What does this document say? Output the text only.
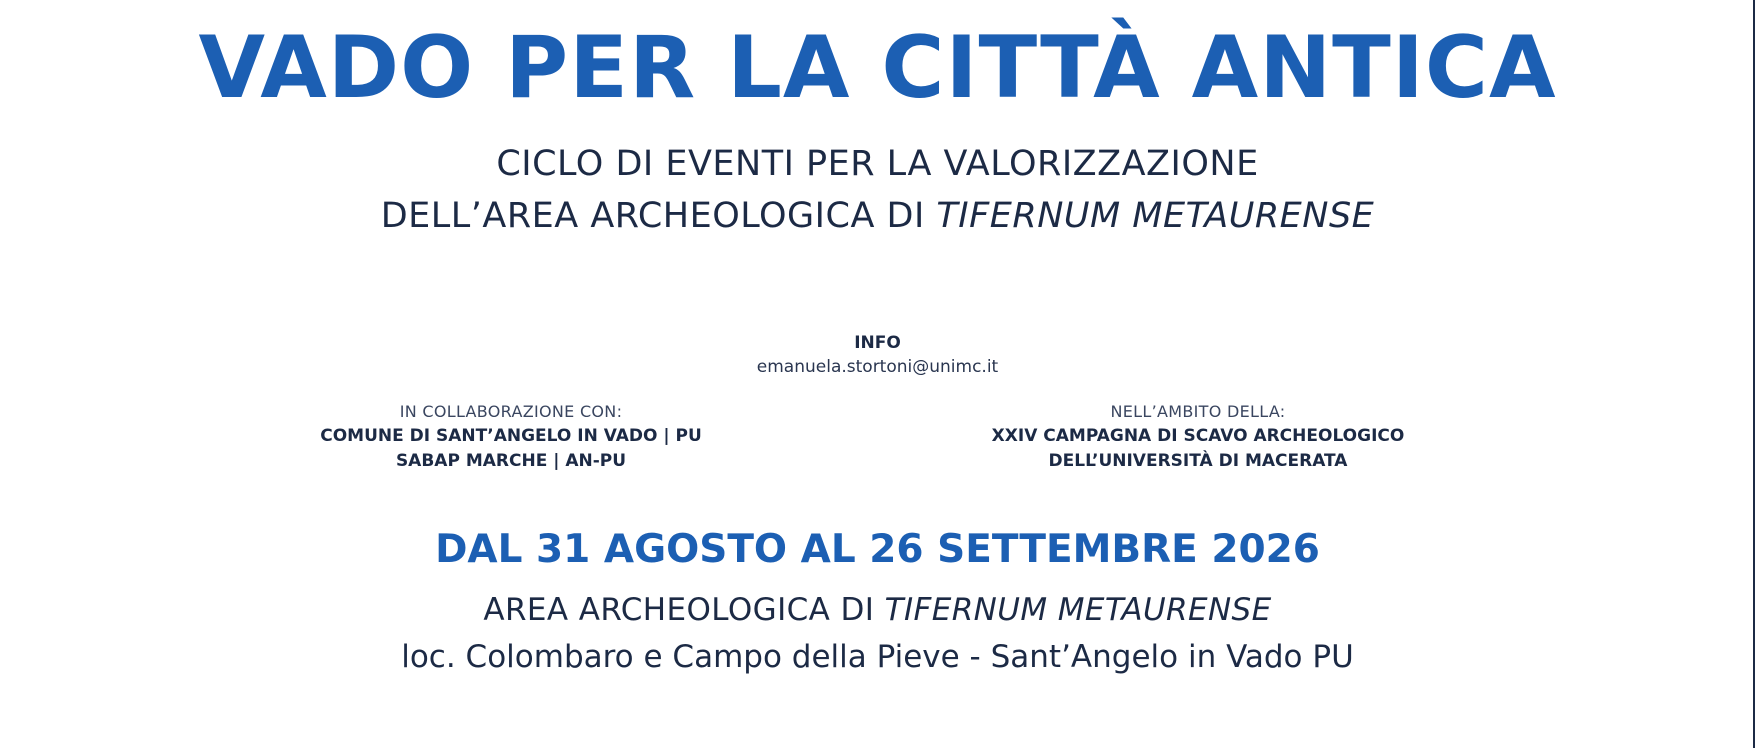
VADO PER LA CITTÀ ANTICA
CICLO DI EVENTI PER LA VALORIZZAZIONE
DELL’AREA ARCHEOLOGICA DI TIFERNUM METAURENSE
INFO
emanuela.stortoni@unimc.it
IN COLLABORAZIONE CON:
COMUNE DI SANT’ANGELO IN VADO | PU
SABAP MARCHE | AN-PU
NELL’AMBITO DELLA:
XXIV CAMPAGNA DI SCAVO ARCHEOLOGICO
DELL’UNIVERSITÀ DI MACERATA
DAL 31 AGOSTO AL 26 SETTEMBRE 2026
AREA ARCHEOLOGICA DI TIFERNUM METAURENSE
loc. Colombaro e Campo della Pieve - Sant’Angelo in Vado PU
